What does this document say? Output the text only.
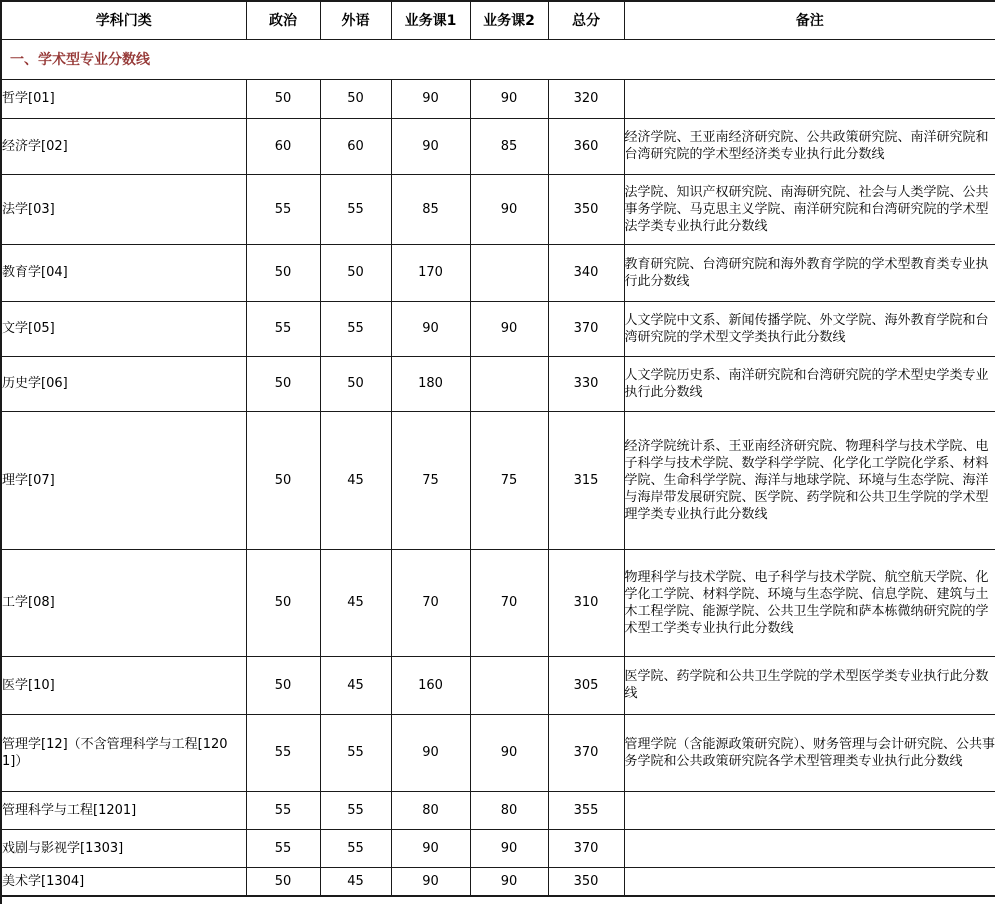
学科门类	政治	外语	业务课1	业务课2	总分	备注
一、学术型专业分数线						
哲学[01]	50	50	90	90	320	
经济学[02]	60	60	90	85	360	经济学院、王亚南经济研究院、公共政策研究院、南洋研究院和台湾研究院的学术型经济类专业执行此分数线
法学[03]	55	55	85	90	350	法学院、知识产权研究院、南海研究院、社会与人类学院、公共事务学院、马克思主义学院、南洋研究院和台湾研究院的学术型法学类专业执行此分数线
教育学[04]	50	50	170		340	教育研究院、台湾研究院和海外教育学院的学术型教育类专业执行此分数线
文学[05]	55	55	90	90	370	人文学院中文系、新闻传播学院、外文学院、海外教育学院和台湾研究院的学术型文学类执行此分数线
历史学[06]	50	50	180		330	人文学院历史系、南洋研究院和台湾研究院的学术型史学类专业执行此分数线
理学[07]	50	45	75	75	315	经济学院统计系、王亚南经济研究院、物理科学与技术学院、电子科学与技术学院、数学科学学院、化学化工学院化学系、材料学院、生命科学学院、海洋与地球学院、环境与生态学院、海洋与海岸带发展研究院、医学院、药学院和公共卫生学院的学术型理学类专业执行此分数线
工学[08]	50	45	70	70	310	物理科学与技术学院、电子科学与技术学院、航空航天学院、化学化工学院、材料学院、环境与生态学院、信息学院、建筑与土木工程学院、能源学院、公共卫生学院和萨本栋微纳研究院的学术型工学类专业执行此分数线
医学[10]	50	45	160		305	医学院、药学院和公共卫生学院的学术型医学类专业执行此分数线
管理学[12]（不含管理科学与工程[1201]）	55	55	90	90	370	管理学院（含能源政策研究院）、财务管理与会计研究院、公共事务学院和公共政策研究院各学术型管理类专业执行此分数线
管理科学与工程[1201]	55	55	80	80	355	
戏剧与影视学[1303]	55	55	90	90	370	
美术学[1304]	50	45	90	90	350	
